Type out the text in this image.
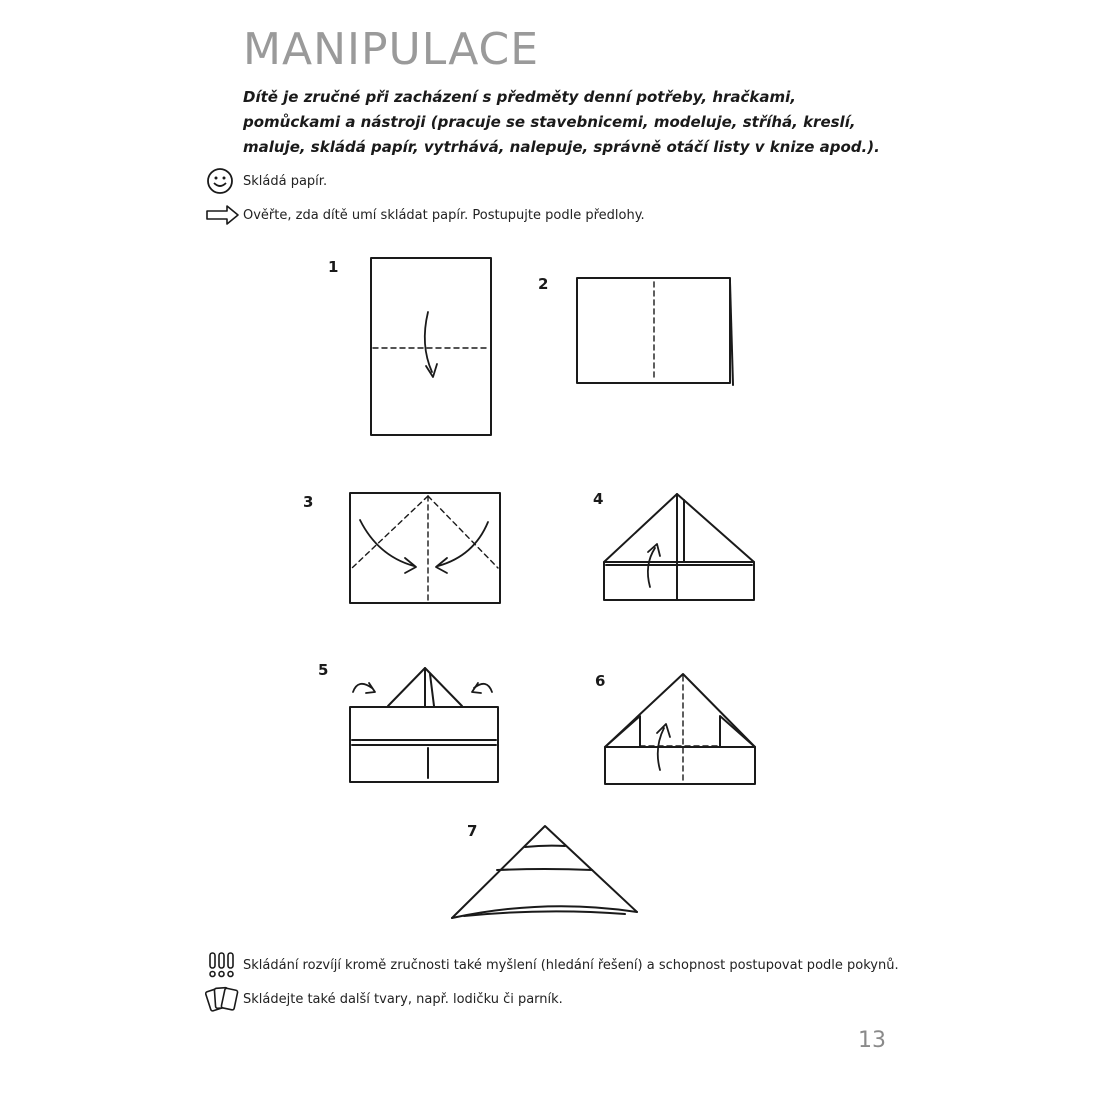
MANIPULACE
Dítě je zručné při zacházení s předměty denní potřeby, hračkami, pomůckami a nástroji (pracuje se stavebnicemi, modeluje, stříhá, kreslí, maluje, skládá papír, vytrhává, nalepuje, správně otáčí listy v knize apod.).
Skládá papír.
Ověřte, zda dítě umí skládat papír. Postupujte podle předlohy.
1
2
3	4
5
6
7
Skládání rozvíjí kromě zručnosti také myšlení (hledání řešení) a schopnost postupovat podle pokynů.
Skládejte také další tvary, např. lodičku či parník.
13
